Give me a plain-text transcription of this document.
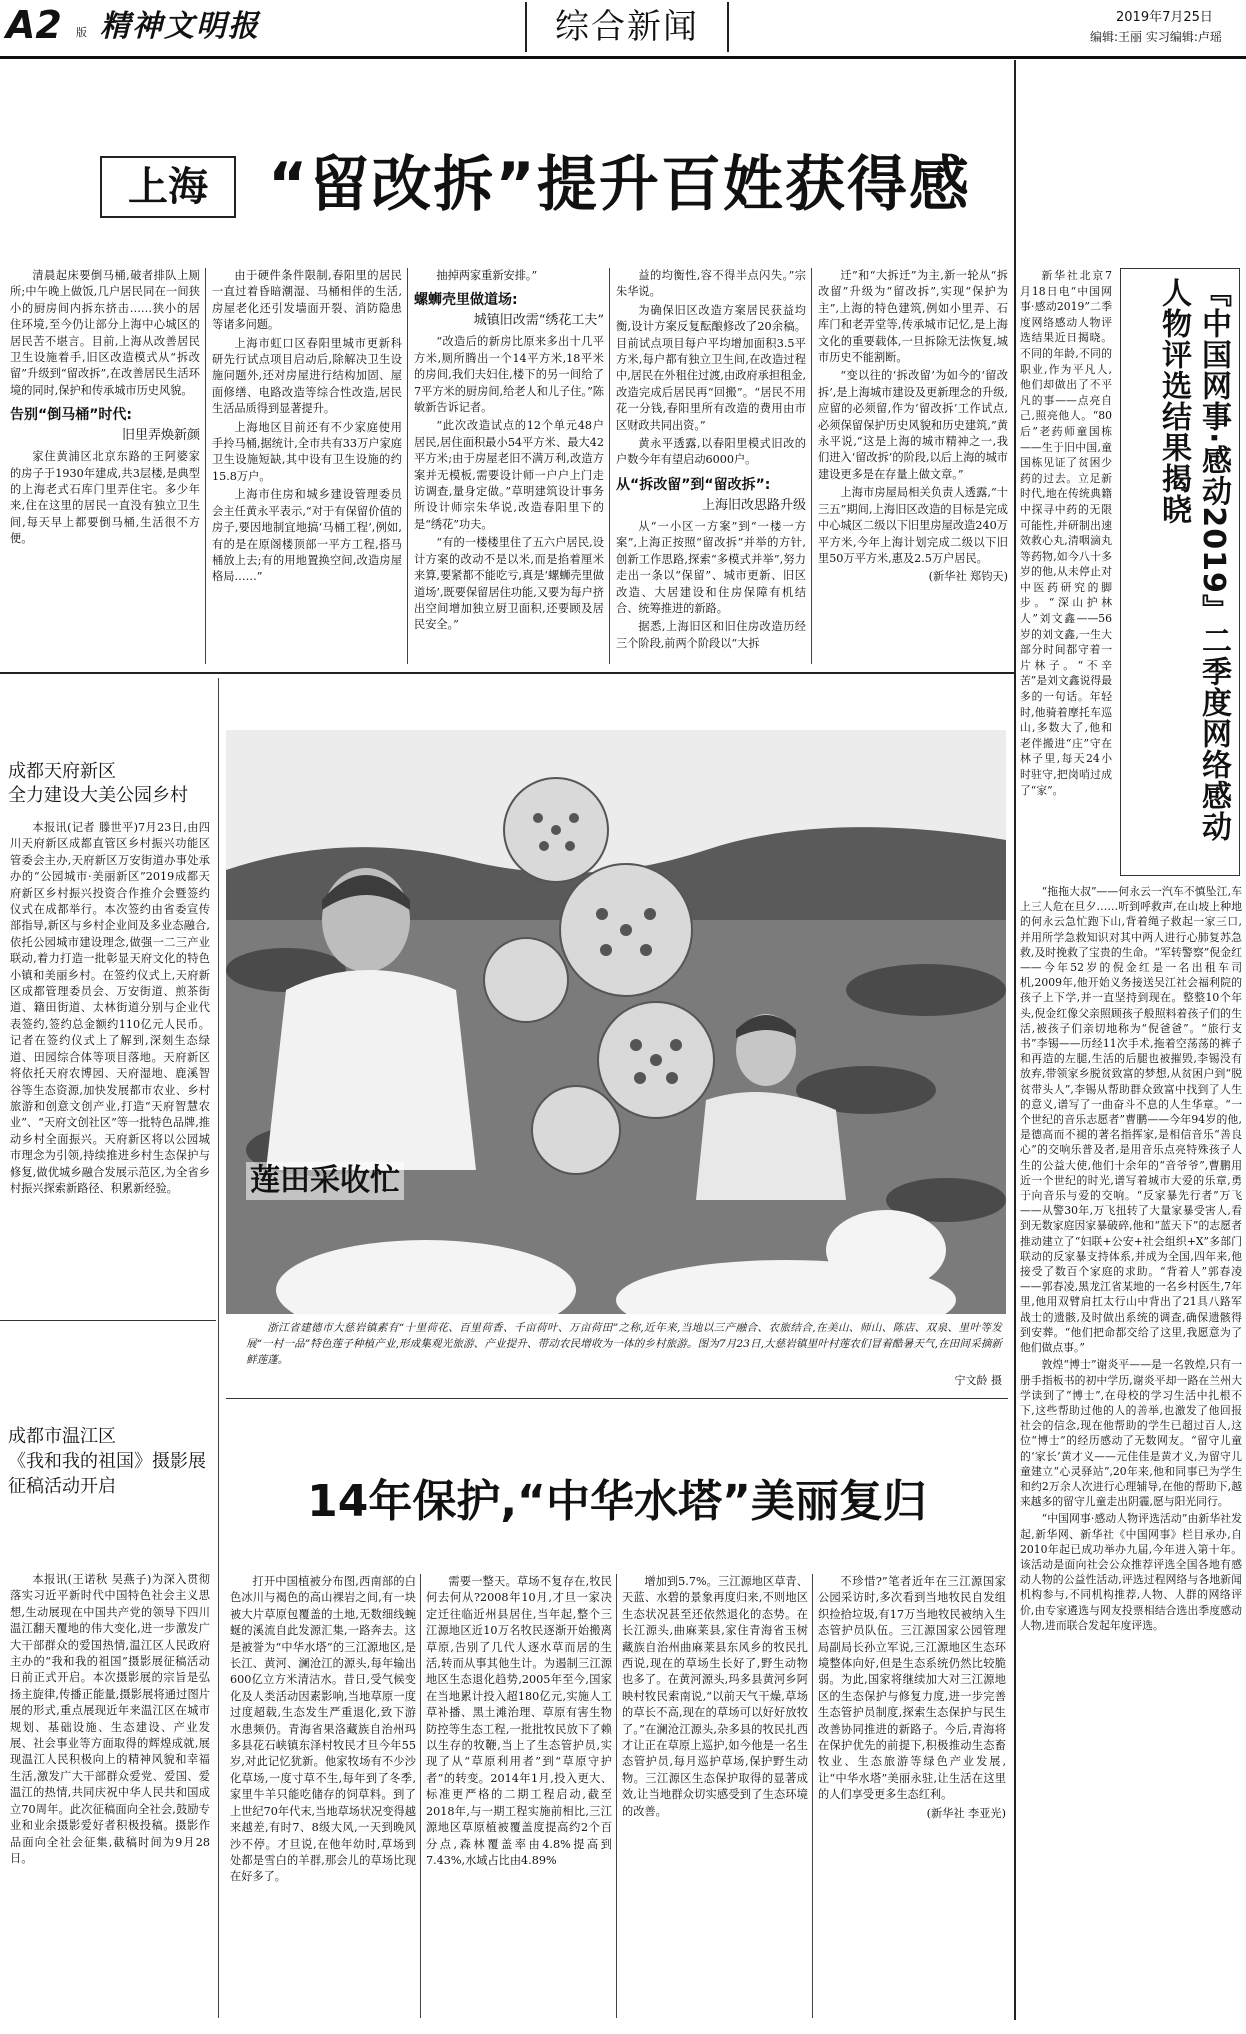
A2 版 精神文明报	综合新闻	2019年7月25日
编辑:王丽 实习编辑:卢瑶
上海	“留改拆”提升百姓获得感

清晨起床要倒马桶,破者排队上厕所;中午晚上做饭,几户居民同在一间狭小的厨房间内拆东挤击……狭小的居住环境,至今仍让部分上海中心城区的居民苦不堪言。目前,上海从改善居民卫生设施着手,旧区改造模式从“拆改留”升级到“留改拆”,在改善居民生活环境的同时,保护和传承城市历史风貌。

告别“倒马桶”时代:
旧里弄焕新颜

家住黄浦区北京东路的王阿婆家的房子于1930年建成,共3层楼,是典型的上海老式石库门里弄住宅。多少年来,住在这里的居民一直没有独立卫生间,每天早上都要倒马桶,生活很不方便。

由于硬件条件限制,春阳里的居民一直过着昏暗潮湿、马桶相伴的生活,房屋老化还引发墙面开裂、消防隐患等诸多问题。

上海市虹口区春阳里城市更新科研先行试点项目启动后,除解决卫生设施问题外,还对房屋进行结构加固、屋面修缮、电路改造等综合性改造,居民生活品质得到显著提升。

上海地区目前还有不少家庭使用手拎马桶,据统计,全市共有33万户家庭卫生设施短缺,其中设有卫生设施的约15.8万户。

上海市住房和城乡建设管理委员会主任黄永平表示,“对于有保留价值的房子,要因地制宜地搞‘马桶工程’,例如,有的是在原阁楼顶部一平方工程,搭马桶放上去;有的用地置换空间,改造房屋格局……”

抽掉两家重新安排。”

螺蛳壳里做道场:
城镇旧改需“绣花工夫”

“改造后的新房比原来多出十几平方米,厕所腾出一个14平方米,18平米的房间,我们夫妇住,楼下的另一间给了7平方米的厨房间,给老人和儿子住。”陈敏新告诉记者。

“此次改造试点的12个单元48户居民,居住面积最小54平方米、最大42平方米;由于房屋老旧不满万利,改造方案并无模板,需要设计师一户户上门走访调查,量身定做。”草明建筑设计事务所设计师宗朱华说,改造春阳里下的是“绣花”功夫。

“有的一楼楼里住了五六户居民,设计方案的改动不是以米,而是掐着厘米来算,要紧都不能吃亏,真是‘螺蛳壳里做道场’,既要保留居住功能,又要为每户挤出空间增加独立厨卫面积,还要顾及居民安全。”

益的均衡性,容不得半点闪失。”宗朱华说。

为确保旧区改造方案居民获益均衡,设计方案反复酝酿修改了20余稿。目前试点项目每户平均增加面积3.5平方米,每户都有独立卫生间,在改造过程中,居民在外租住过渡,由政府承担租金,改造完成后居民再“回搬”。“居民不用花一分钱,春阳里所有改造的费用由市区财政共同出资。”

黄永平透露,以春阳里模式旧改的户数今年有望启动6000户。

从“拆改留”到“留改拆”:
上海旧改思路升级

从“一小区一方案”到“一楼一方案”,上海正按照“留改拆”并举的方针,创新工作思路,探索“多模式并举”,努力走出一条以“保留”、城市更新、旧区改造、大居建设和住房保障有机结合、统筹推进的新路。

据悉,上海旧区和旧住房改造历经三个阶段,前两个阶段以“大拆

迁”和“大拆迁”为主,新一轮从“拆改留”升级为“留改拆”,实现“保护为主”,上海的特色建筑,例如小里弄、石库门和老弄堂等,传承城市记忆,是上海文化的重要载体,一旦拆除无法恢复,城市历史不能割断。

“变以往的‘拆改留’为如今的‘留改拆’,是上海城市建设及更新理念的升级,应留的必须留,作为‘留改拆’工作试点,必须保留保护历史风貌和历史建筑,”黄永平说,“这是上海的城市精神之一,我们进入‘留改拆’的阶段,以后上海的城市建设更多是在存量上做文章。”

上海市房屋局相关负责人透露,“十三五”期间,上海旧区改造的目标是完成中心城区二级以下旧里房屋改造240万平方米,今年上海计划完成二级以下旧里50万平方米,惠及2.5万户居民。

(新华社 郑钧天)

新华社北京7月18日电“中国网事·感动2019”二季度网络感动人物评选结果近日揭晓。不同的年龄,不同的职业,作为平凡人,他们却做出了不平凡的事——点亮自己,照亮他人。“80后”老药师童国栋——生于旧中国,童国栋见证了贫困少药的过去。立足新时代,地在传统典籍中探寻中药的无限可能性,并研制出速效救心丸,清咽滴丸等药物,如今八十多岁的他,从未停止对中医药研究的脚步。“深山护林人”刘文鑫——56岁的刘文鑫,一生大部分时间都守着一片林子。“不辛苦”是刘文鑫说得最多的一句话。年轻时,他骑着摩托车巡山,多数大了,他和老伴搬进“庄”守在林子里,每天24小时驻守,把岗哨过成了“家”。	『中国网事·感动2019』二季度网络感动人物评选结果揭晓

“拖拖大叔”——何永云一汽车不慎坠江,车上三人危在旦夕……听到呼救声,在山坡上种地的何永云急忙跑下山,背着绳子救起一家三口,并用所学急救知识对其中两人进行心肺复苏急救,及时挽救了宝贵的生命。“军转警察”倪金红——今年52岁的倪金红是一名出租车司机,2009年,他开始义务接送吴江社会福利院的孩子上下学,并一直坚持到现在。整整10个年头,倪金红像父亲照顾孩子般照料着孩子们的生活,被孩子们亲切地称为“倪爸爸”。“旅行支书”李锡——历经11次手术,拖着空荡荡的裤子和再造的左腿,生活的后腿也被摧毁,李锡没有放弃,带领家乡脱贫致富的梦想,从贫困户到“脱贫带头人”,李锡从帮助群众致富中找到了人生的意义,谱写了一曲奋斗不息的人生华章。“一个世纪的音乐志愿者”曹鹏——今年94岁的他,是德高而不褪的著名指挥家,是相信音乐“善良心”的交响乐普及者,是用音乐点亮特殊孩子人生的公益大使,他们十余年的“音爷爷”,曹鹏用近一个世纪的时光,谱写着城市大爱的乐章,勇于向音乐与爱的交响。“反家暴先行者”万飞——从警30年,万飞扭转了大量家暴受害人,看到无数家庭因家暴破碎,他和“蓝天下”的志愿者推动建立了“妇联+公安+社会组织+X”多部门联动的反家暴支持体系,并成为全国,四年来,他接受了数百个家庭的求助。“背着人”郭春凌——郭春凌,黑龙江省某地的一名乡村医生,7年里,他用双臂肩扛太行山中背出了21具八路军战士的遗骸,及时做出系统的调查,确保遗骸得到安葬。“他们把命都交给了这里,我愿意为了他们做点事。”

敦煌“博士”谢炎平——是一名敦煌,只有一册手指板书的初中学历,谢炎平却一路在兰州大学读到了“博士”,在母校的学习生活中扎根不下,这些帮助过他的人的善举,也激发了他回报社会的信念,现在他帮助的学生已超过百人,这位“博士”的经历感动了无数网友。“留守儿童的‘家长’黄才义——元佳佳是黄才义,为留守儿童建立“心灵驿站”,20年来,他和同事已为学生和约2万余人次进行心理辅导,在他的帮助下,越来越多的留守儿童走出阴霾,愿与阳光同行。

“中国网事·感动人物评选活动”由新华社发起,新华网、新华社《中国网事》栏目承办,自2010年起已成功举办九届,今年进入第十年。该活动是面向社会公众推荐评选全国各地有感动人物的公益性活动,评选过程网络与各地新闻机构参与,不同机构推荐,人物、人群的网络评价,由专家遴选与网友投票相结合选出季度感动人物,进而联合发起年度评选。

成都天府新区
全力建设大美公园乡村

本报讯(记者 滕世平)7月23日,由四川天府新区成都直管区乡村振兴功能区管委会主办,天府新区万安街道办事处承办的“公园城市·美丽新区”2019成都天府新区乡村振兴投资合作推介会暨签约仪式在成都举行。本次签约由省委宣传部指导,新区与乡村企业间及多业态融合,依托公园城市建设理念,做强一二三产业联动,着力打造一批彰显天府文化的特色小镇和美丽乡村。在签约仪式上,天府新区成都管理委员会、万安街道、煎茶街道、籍田街道、太林街道分别与企业代表签约,签约总金额约110亿元人民币。记者在签约仪式上了解到,深刻生态绿道、田园综合体等项目落地。天府新区将依托天府农博园、天府湿地、鹿溪智谷等生态资源,加快发展都市农业、乡村旅游和创意文创产业,打造“天府智慧农业”、“天府文创社区”等一批特色品牌,推动乡村全面振兴。天府新区将以公园城市理念为引领,持续推进乡村生态保护与修复,做优城乡融合发展示范区,为全省乡村振兴探索新路径、积累新经验。	莲田采收忙
浙江省建德市大慈岩镇素有“十里荷花、百里荷香、千亩荷叶、万亩荷田”之称,近年来,当地以三产融合、农旅结合,在美山、师山、陈店、双泉、里叶等发展“一村一品”特色莲子种植产业,形成集观光旅游、产业提升、带动农民增收为一体的乡村旅游。图为7月23日,大慈岩镇里叶村莲农们冒着酷暑天气,在田间采摘新鲜莲蓬。
宁文龄 摄
成都市温江区
《我和我的祖国》摄影展
征稿活动开启

本报讯(王诺秋 吴燕子)为深入贯彻落实习近平新时代中国特色社会主义思想,生动展现在中国共产党的领导下四川温江翻天覆地的伟大变化,进一步激发广大干部群众的爱国热情,温江区人民政府主办的“我和我的祖国”摄影展征稿活动日前正式开启。本次摄影展的宗旨是弘扬主旋律,传播正能量,摄影展将通过图片展的形式,重点展现近年来温江区在城市规划、基础设施、生态建设、产业发展、社会事业等方面取得的辉煌成就,展现温江人民积极向上的精神风貌和幸福生活,激发广大干部群众爱党、爱国、爱温江的热情,共同庆祝中华人民共和国成立70周年。此次征稿面向全社会,鼓励专业和业余摄影爱好者积极投稿。摄影作品面向全社会征集,截稿时间为9月28日。

14年保护,“中华水塔”美丽复归

打开中国植被分布图,西南部的白色冰川与褐色的高山裸岩之间,有一块被大片草原包覆盖的土地,无数细线蜿蜒的溪流自此发源汇集,一路奔去。这是被誉为“中华水塔”的三江源地区,是长江、黄河、澜沧江的源头,每年输出600亿立方米清洁水。昔日,受气候变化及人类活动因素影响,当地草原一度过度超载,生态发生严重退化,致下游水患频仍。青海省果洛藏族自治州玛多县花石峡镇东泽村牧民才旦今年55岁,对此记忆犹新。他家牧场有不少沙化草场,一度寸草不生,每年到了冬季,家里牛羊只能吃储存的饲草料。到了上世纪70年代末,当地草场状况变得越来越差,有时7、8级大风,一天到晚风沙不停。才旦说,在他年幼时,草场到处都是雪白的羊群,那会儿的草场比现在好多了。

需要一整天。草场不复存在,牧民何去何从?2008年10月,才旦一家决定迁往临近州县居住,当年起,整个三江源地区近10万名牧民逐渐开始搬离草原,告别了几代人逐水草而居的生活,转而从事其他生计。为遏制三江源地区生态退化趋势,2005年至今,国家在当地累计投入超180亿元,实施人工草补播、黑土滩治理、草原有害生物防控等生态工程,一批批牧民放下了赖以生存的牧鞭,当上了生态管护员,实现了从“草原利用者”到“草原守护者”的转变。2014年1月,投入更大、标准更严格的二期工程启动,截至2018年,与一期工程实施前相比,三江源地区草原植被覆盖度提高约2个百分点,森林覆盖率由4.8%提高到7.43%,水域占比由4.89%

增加到5.7%。三江源地区草青、天蓝、水碧的景象再度归来,不则地区生态状况甚至还依然退化的态势。在长江源头,曲麻莱县,家住青海省玉树藏族自治州曲麻莱县东风乡的牧民扎西说,现在的草场生长好了,野生动物也多了。在黄河源头,玛多县黄河乡阿映村牧民索南说,“以前天气干燥,草场的草长不高,现在的草场可以好好放牧了。”在澜沧江源头,杂多县的牧民扎西才让正在草原上巡护,如今他是一名生态管护员,每月巡护草场,保护野生动物。三江源区生态保护取得的显著成效,让当地群众切实感受到了生态环境的改善。

不珍惜?”笔者近年在三江源国家公园采访时,多次看到当地牧民自发组织捡拾垃圾,有17万当地牧民被纳入生态管护员队伍。三江源国家公园管理局副局长孙立军说,三江源地区生态环境整体向好,但是生态系统仍然比较脆弱。为此,国家将继续加大对三江源地区的生态保护与修复力度,进一步完善生态管护员制度,探索生态保护与民生改善协同推进的新路子。今后,青海将在保护优先的前提下,积极推动生态畜牧业、生态旅游等绿色产业发展,让“中华水塔”美丽永驻,让生活在这里的人们享受更多生态红利。

(新华社 李亚光)
